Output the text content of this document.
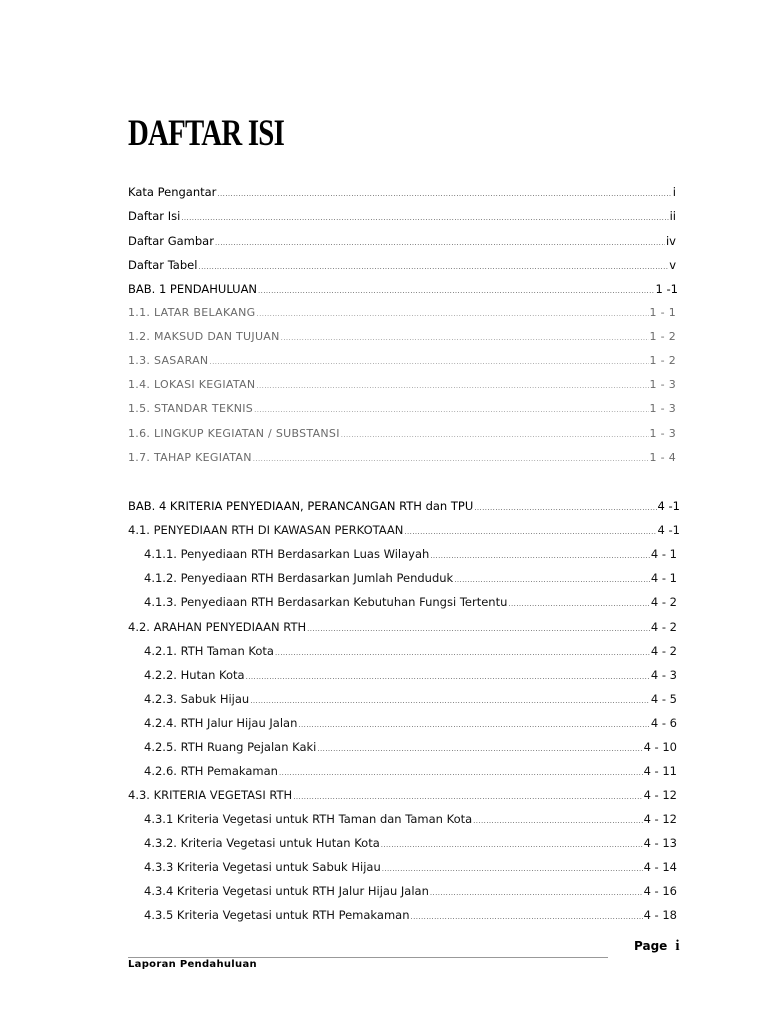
DAFTAR ISI
Kata Pengantar .....	i
Daftar Isi .....	ii
Daftar Gambar .....	iv
Daftar Tabel .....	v
BAB. 1 PENDAHULUAN .....	1 -1
1.1. LATAR BELAKANG .....	1 - 1
1.2. MAKSUD DAN TUJUAN .....	1 - 2
1.3. SASARAN .....	1 - 2
1.4. LOKASI KEGIATAN .....	1 - 3
1.5. STANDAR TEKNIS .....	1 - 3
1.6. LINGKUP KEGIATAN / SUBSTANSI .....	1 - 3
1.7. TAHAP KEGIATAN .....	1 - 4
BAB. 4 KRITERIA PENYEDIAAN, PERANCANGAN RTH dan TPU .....	4 -1
4.1. PENYEDIAAN RTH DI KAWASAN PERKOTAAN .....	4 -1
4.1.1. Penyediaan RTH Berdasarkan Luas Wilayah .....	4 - 1
4.1.2. Penyediaan RTH Berdasarkan Jumlah Penduduk .....	4 - 1
4.1.3. Penyediaan RTH Berdasarkan Kebutuhan Fungsi Tertentu .....	4 - 2
4.2. ARAHAN PENYEDIAAN RTH .....	4 - 2
4.2.1. RTH Taman Kota .....	4 - 2
4.2.2. Hutan Kota .....	4 - 3
4.2.3. Sabuk Hijau .....	4 - 5
4.2.4. RTH Jalur Hijau Jalan .....	4 - 6
4.2.5. RTH Ruang Pejalan Kaki .....	4 - 10
4.2.6. RTH Pemakaman .....	4 - 11
4.3. KRITERIA VEGETASI RTH .....	4 - 12
4.3.1 Kriteria Vegetasi untuk RTH Taman dan Taman Kota .....	4 - 12
4.3.2. Kriteria Vegetasi untuk Hutan Kota .....	4 - 13
4.3.3 Kriteria Vegetasi untuk Sabuk Hijau .....	4 - 14
4.3.4 Kriteria Vegetasi untuk RTH Jalur Hijau Jalan .....	4 - 16
4.3.5 Kriteria Vegetasi untuk RTH Pemakaman .....	4 - 18
Page i
Laporan Pendahuluan
